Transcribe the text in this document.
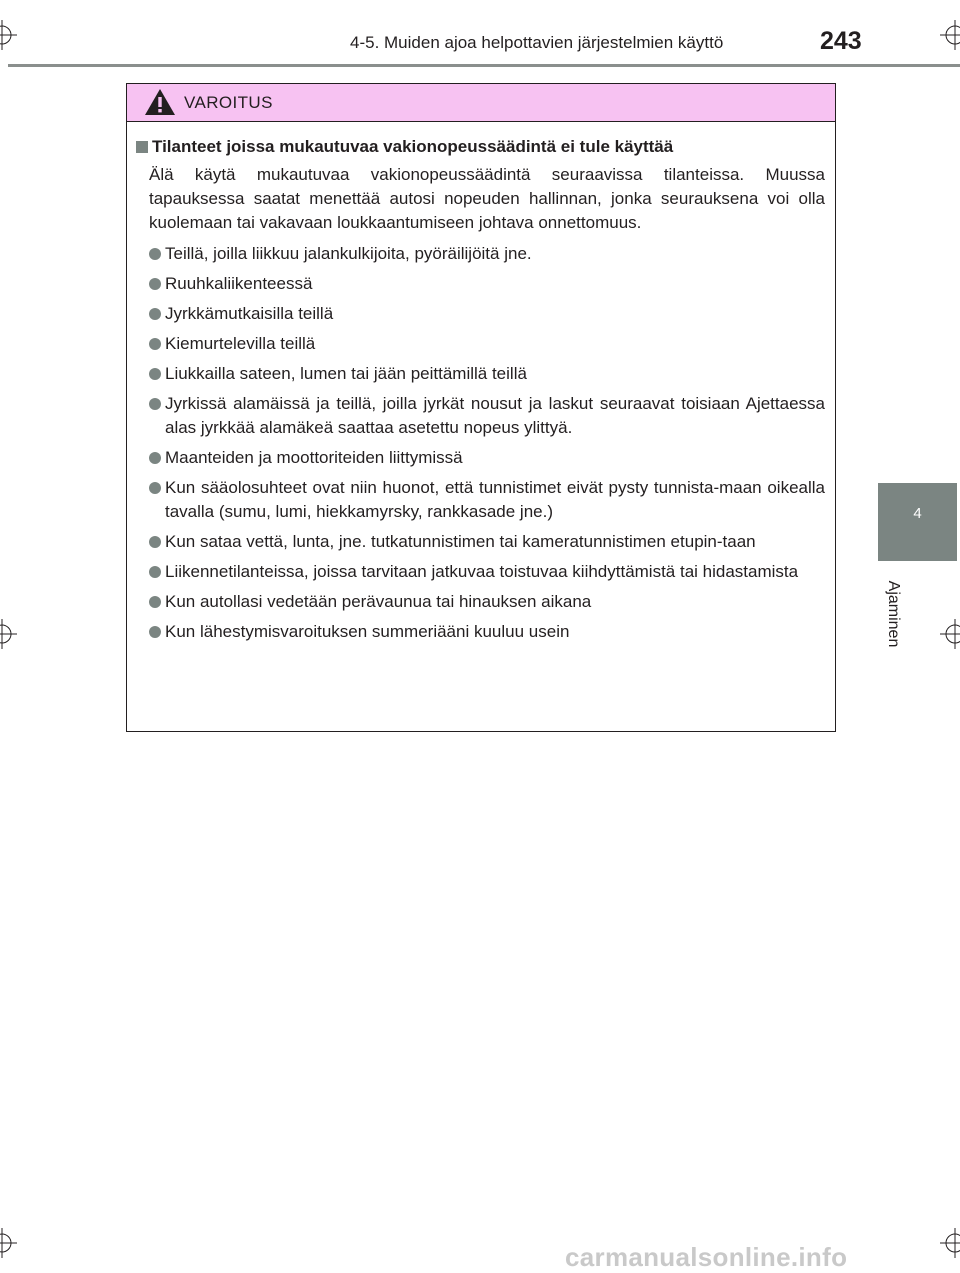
4-5. Muiden ajoa helpottavien järjestelmien käyttö	243
4
Ajaminen
VAROITUS

Tilanteet joissa mukautuvaa vakionopeussäädintä ei tule käyttää

Älä käytä mukautuvaa vakionopeussäädintä seuraavissa tilanteissa. Muussa tapauksessa saatat menettää autosi nopeuden hallinnan, jonka seurauksena voi olla kuolemaan tai vakavaan loukkaantumiseen johtava onnettomuus.

Teillä, joilla liikkuu jalankulkijoita, pyöräilijöitä jne.
Ruuhkaliikenteessä
Jyrkkämutkaisilla teillä
Kiemurtelevilla teillä
Liukkailla sateen, lumen tai jään peittämillä teillä
Jyrkissä alamäissä ja teillä, joilla jyrkät nousut ja laskut seuraavat toisiaan Ajettaessa alas jyrkkää alamäkeä saattaa asetettu nopeus ylittyä.
Maanteiden ja moottoriteiden liittymissä
Kun sääolosuhteet ovat niin huonot, että tunnistimet eivät pysty tunnista-maan oikealla tavalla (sumu, lumi, hiekkamyrsky, rankkasade jne.)
Kun sataa vettä, lunta, jne. tutkatunnistimen tai kameratunnistimen etupin-taan
Liikennetilanteissa, joissa tarvitaan jatkuvaa toistuvaa kiihdyttämistä tai hidastamista
Kun autollasi vedetään perävaunua tai hinauksen aikana
Kun lähestymisvaroituksen summeriääni kuuluu usein
carmanualsonline.info
